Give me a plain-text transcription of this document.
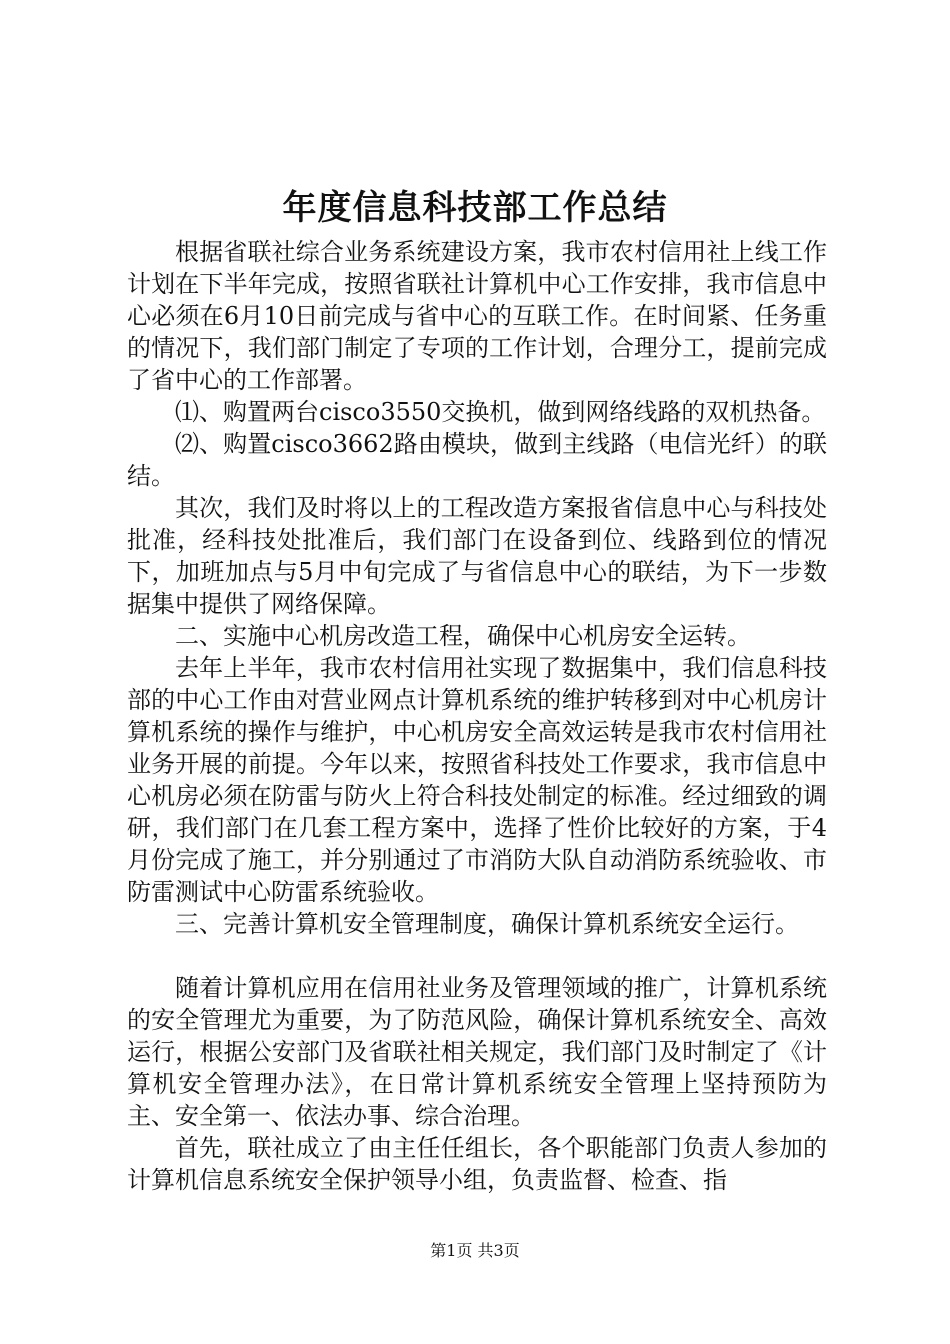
年度信息科技部工作总结

根据省联社综合业务系统建设方案，我市农村信用社上线工作计划在下半年完成，按照省联社计算机中心工作安排，我市信息中心必须在6月10日前完成与省中心的互联工作。在时间紧、任务重的情况下，我们部门制定了专项的工作计划，合理分工，提前完成了省中心的工作部署。

⑴、购置两台cisco3550交换机，做到网络线路的双机热备。

⑵、购置cisco3662路由模块，做到主线路（电信光纤）的联结。

其次，我们及时将以上的工程改造方案报省信息中心与科技处批准，经科技处批准后，我们部门在设备到位、线路到位的情况下，加班加点与5月中旬完成了与省信息中心的联结，为下一步数据集中提供了网络保障。

二、实施中心机房改造工程，确保中心机房安全运转。

去年上半年，我市农村信用社实现了数据集中，我们信息科技部的中心工作由对营业网点计算机系统的维护转移到对中心机房计算机系统的操作与维护，中心机房安全高效运转是我市农村信用社业务开展的前提。今年以来，按照省科技处工作要求，我市信息中心机房必须在防雷与防火上符合科技处制定的标准。经过细致的调研，我们部门在几套工程方案中，选择了性价比较好的方案，于4月份完成了施工，并分别通过了市消防大队自动消防系统验收、市防雷测试中心防雷系统验收。

三、完善计算机安全管理制度，确保计算机系统安全运行。

随着计算机应用在信用社业务及管理领域的推广，计算机系统的安全管理尤为重要，为了防范风险，确保计算机系统安全、高效运行，根据公安部门及省联社相关规定，我们部门及时制定了《计算机安全管理办法》，在日常计算机系统安全管理上坚持预防为主、安全第一、依法办事、综合治理。

首先，联社成立了由主任任组长，各个职能部门负责人参加的计算机信息系统安全保护领导小组，负责监督、检查、指

第1页 共3页
